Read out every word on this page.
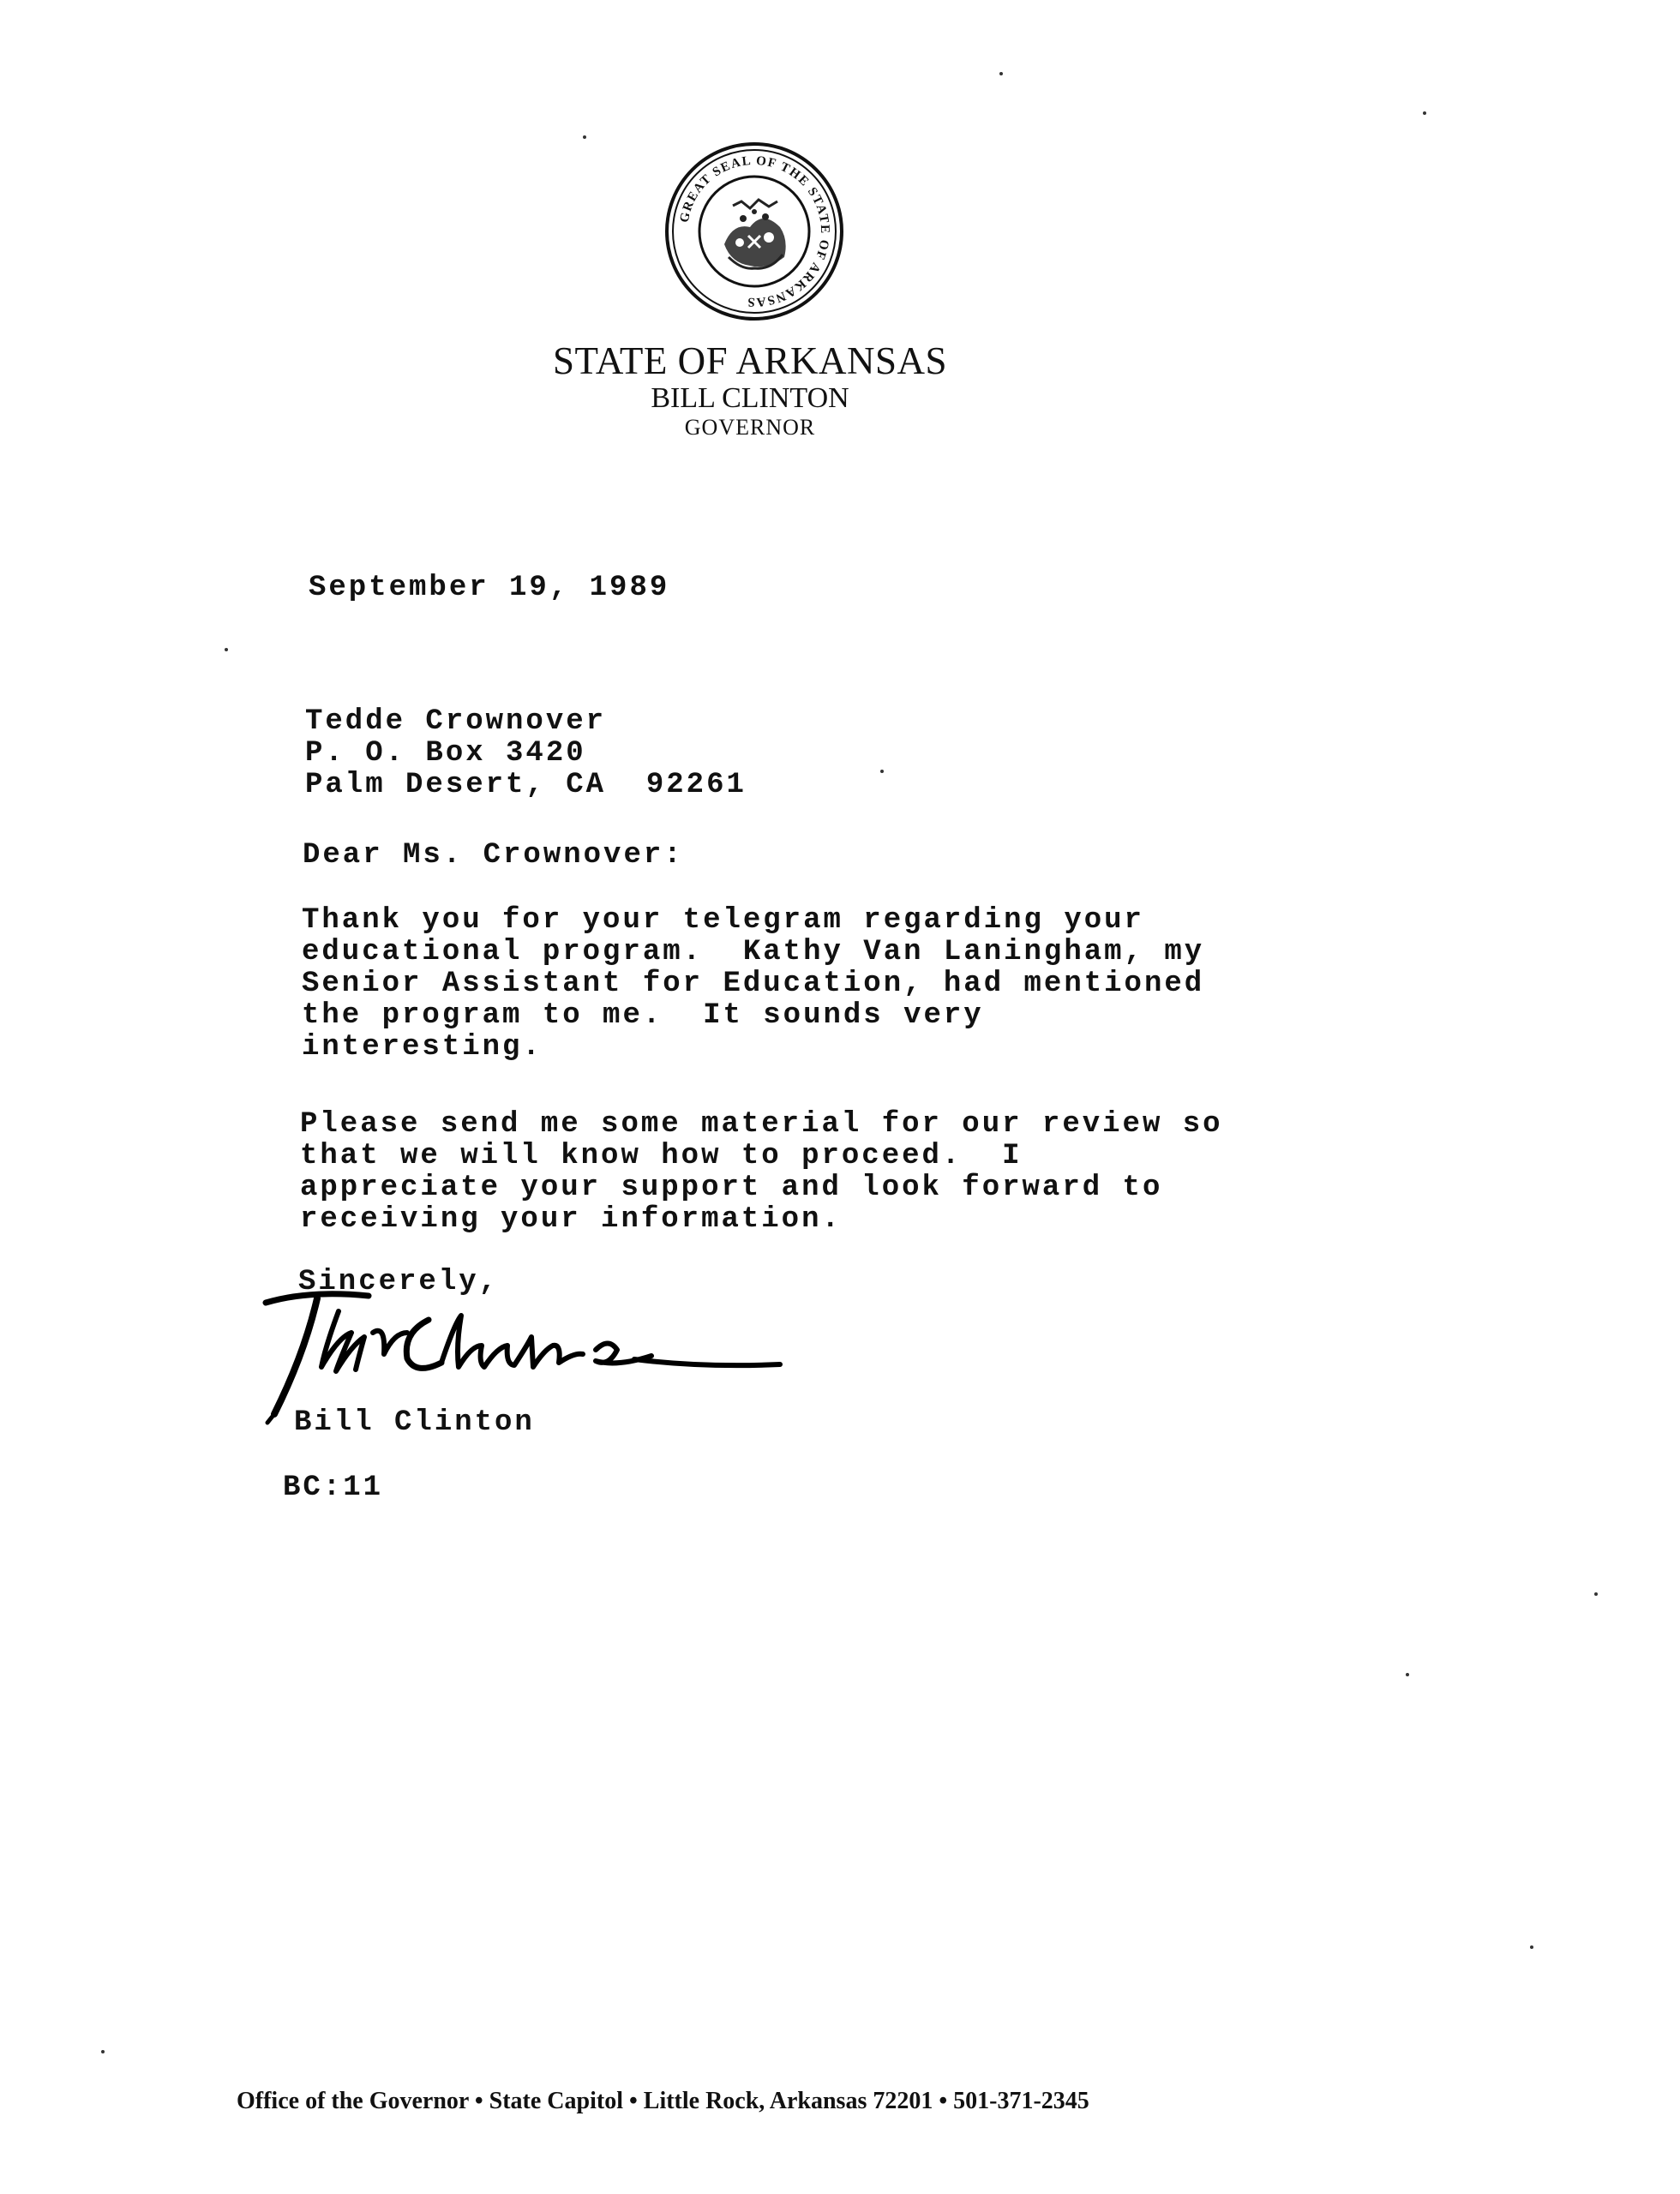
GREAT SEAL OF THE STATE OF ARKANSAS
STATE OF ARKANSAS
BILL CLINTON
GOVERNOR
September 19, 1989
Tedde Crownover
P. O. Box 3420
Palm Desert, CA  92261
Dear Ms. Crownover:
Thank you for your telegram regarding your
educational program.  Kathy Van Laningham, my
Senior Assistant for Education, had mentioned
the program to me.  It sounds very
interesting.
Please send me some material for our review so
that we will know how to proceed.  I
appreciate your support and look forward to
receiving your information.
Sincerely,
Bill Clinton
BC:11
Office of the Governor • State Capitol • Little Rock, Arkansas 72201 • 501-371-2345
